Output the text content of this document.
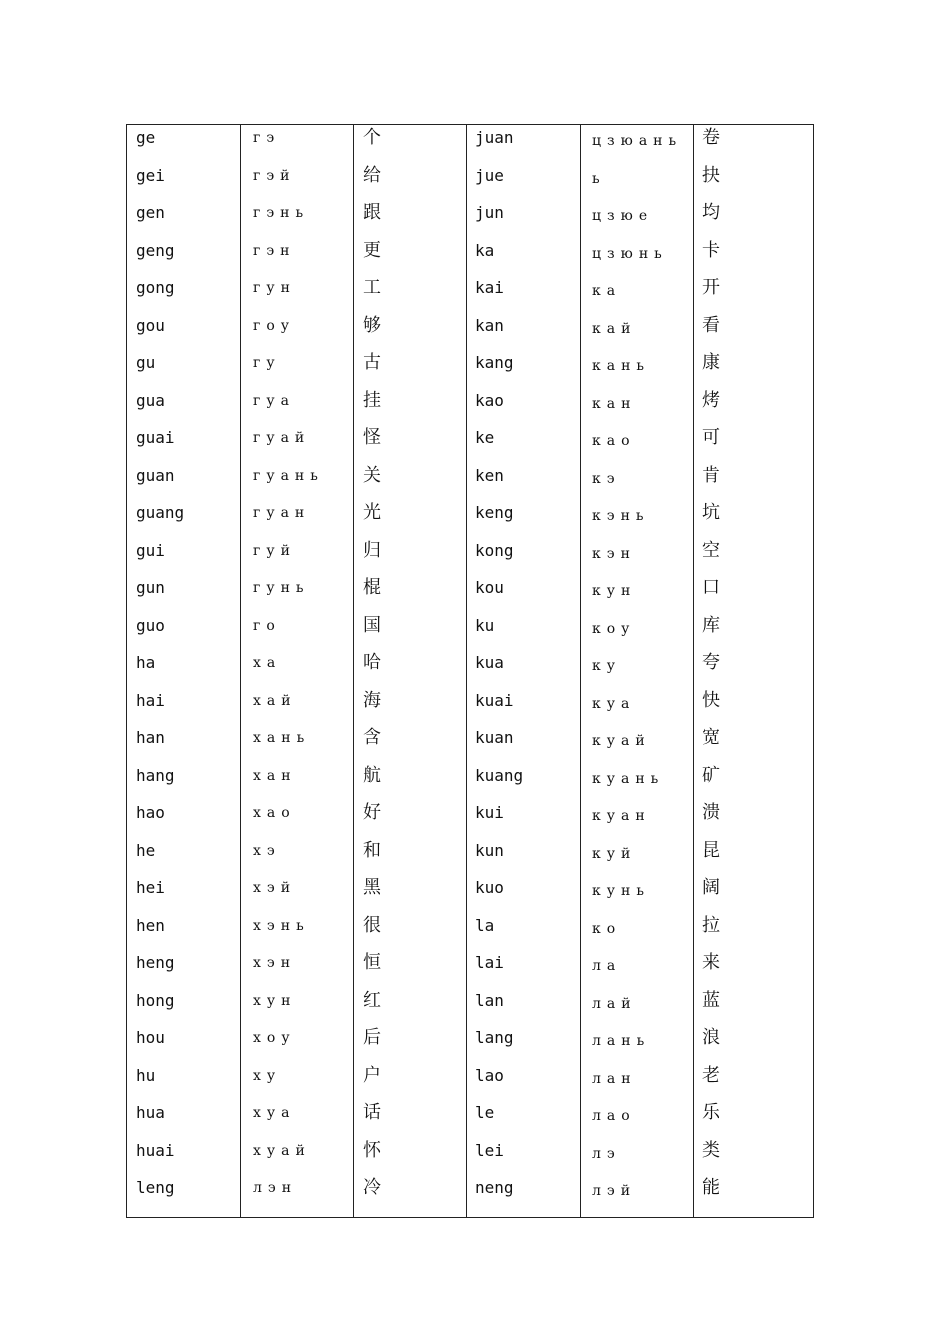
ge	гэ	个	juan	цзюань 卷
gei	гэй	给	jue	ь	抉
gen	гэнь	跟	jun	цзюе	均
geng	гэн	更	ka	цзюнь 卡
gong	гун	工	kai	ка	开
gou	гоу	够	kan	кай	看
gu	гу	古	kang	кань	康
gua	гуа	挂	kao	кан	烤
guai	гуай	怪	ke	као	可
guan	гуань 关	ken	кэ	肯
guang	гуан	光	keng	кэнь	坑
gui	гуй	归	kong	кэн	空
gun	гунь	棍	kou	кун	口
guo	го	国	ku	коу	库
ha	ха	哈	kua	ку	夸
hai	хай	海	kuai	куа	快
han	хань	含	kuan	куай	宽
hang	хан	航	kuang	куань 矿
hao	хао	好	kui	куан	溃
he	хэ	和	kun	куй	昆
hei	хэй	黑	kuo	кунь	阔
hen	хэнь	很	la	ко	拉
heng	хэн	恒	lai	ла	来
hong	хун	红	lan	лай	蓝
hou	хоу	后	lang	лань	浪
hu	ху	户	lao	лан	老
hua	хуа	话	le	лао	乐
huai	хуай	怀	lei	лэ	类
leng	лэн	冷	neng	лэй	能
